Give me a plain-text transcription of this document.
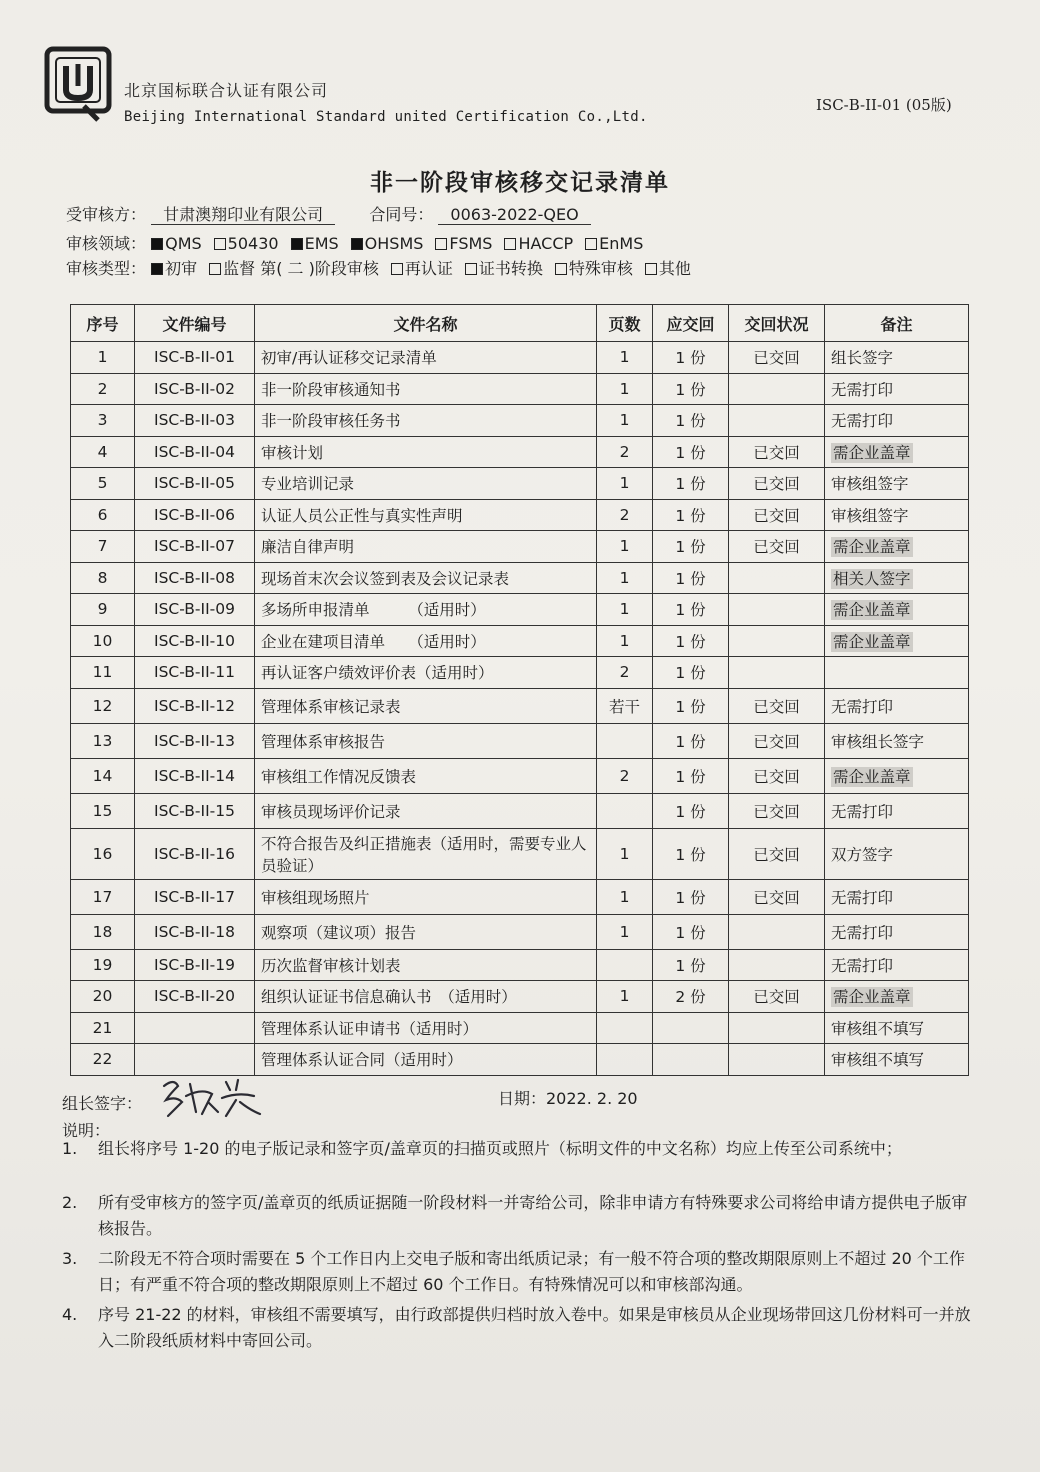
北京国标联合认证有限公司
Beijing International Standard united Certification Co.,Ltd.
ISC-B-II-01 (05版)
非一阶段审核移交记录清单
受审核方： 甘肃澳翔印业有限公司	合同号： 0063-2022-QEO
审核领域： QMS 50430 EMS OHSMS FSMS HACCP EnMS
审核类型： 初审 监督 第( 二 )阶段审核 再认证 证书转换 特殊审核 其他
序号	文件编号	文件名称	页数	应交回	交回状况	备注
1	ISC-B-II-01	初审/再认证移交记录清单	1	1 份	已交回	组长签字
2	ISC-B-II-02	非一阶段审核通知书	1	1 份		无需打印
3	ISC-B-II-03	非一阶段审核任务书	1	1 份		无需打印
4	ISC-B-II-04	审核计划	2	1 份	已交回	需企业盖章
5	ISC-B-II-05	专业培训记录	1	1 份	已交回	审核组签字
6	ISC-B-II-06	认证人员公正性与真实性声明	2	1 份	已交回	审核组签字
7	ISC-B-II-07	廉洁自律声明	1	1 份	已交回	需企业盖章
8	ISC-B-II-08	现场首末次会议签到表及会议记录表	1	1 份		相关人签字
9	ISC-B-II-09	多场所申报清单　　　（适用时）	1	1 份		需企业盖章
10	ISC-B-II-10	企业在建项目清单　　（适用时）	1	1 份		需企业盖章
11	ISC-B-II-11	再认证客户绩效评价表（适用时）	2	1 份		
12	ISC-B-II-12	管理体系审核记录表	若干	1 份	已交回	无需打印
13	ISC-B-II-13	管理体系审核报告		1 份	已交回	审核组长签字
14	ISC-B-II-14	审核组工作情况反馈表	2	1 份	已交回	需企业盖章
15	ISC-B-II-15	审核员现场评价记录		1 份	已交回	无需打印
16	ISC-B-II-16	不符合报告及纠正措施表（适用时，需要专业人员验证）	1	1 份	已交回	双方签字
17	ISC-B-II-17	审核组现场照片	1	1 份	已交回	无需打印
18	ISC-B-II-18	观察项（建议项）报告	1	1 份		无需打印
19	ISC-B-II-19	历次监督审核计划表		1 份		无需打印
20	ISC-B-II-20	组织认证证书信息确认书　（适用时）	1	2 份	已交回	需企业盖章
21		管理体系认证申请书（适用时）				审核组不填写
22		管理体系认证合同（适用时）				审核组不填写
组长签字：	日期：2022. 2. 20
说明：
1.	组长将序号 1-20 的电子版记录和签字页/盖章页的扫描页或照片（标明文件的中文名称）均应上传至公司系统中；
2.	所有受审核方的签字页/盖章页的纸质证据随一阶段材料一并寄给公司，除非申请方有特殊要求公司将给申请方提供电子版审核报告。
3.	二阶段无不符合项时需要在 5 个工作日内上交电子版和寄出纸质记录；有一般不符合项的整改期限原则上不超过 20 个工作日；有严重不符合项的整改期限原则上不超过 60 个工作日。有特殊情况可以和审核部沟通。
4.	序号 21-22 的材料，审核组不需要填写，由行政部提供归档时放入卷中。如果是审核员从企业现场带回这几份材料可一并放入二阶段纸质材料中寄回公司。
